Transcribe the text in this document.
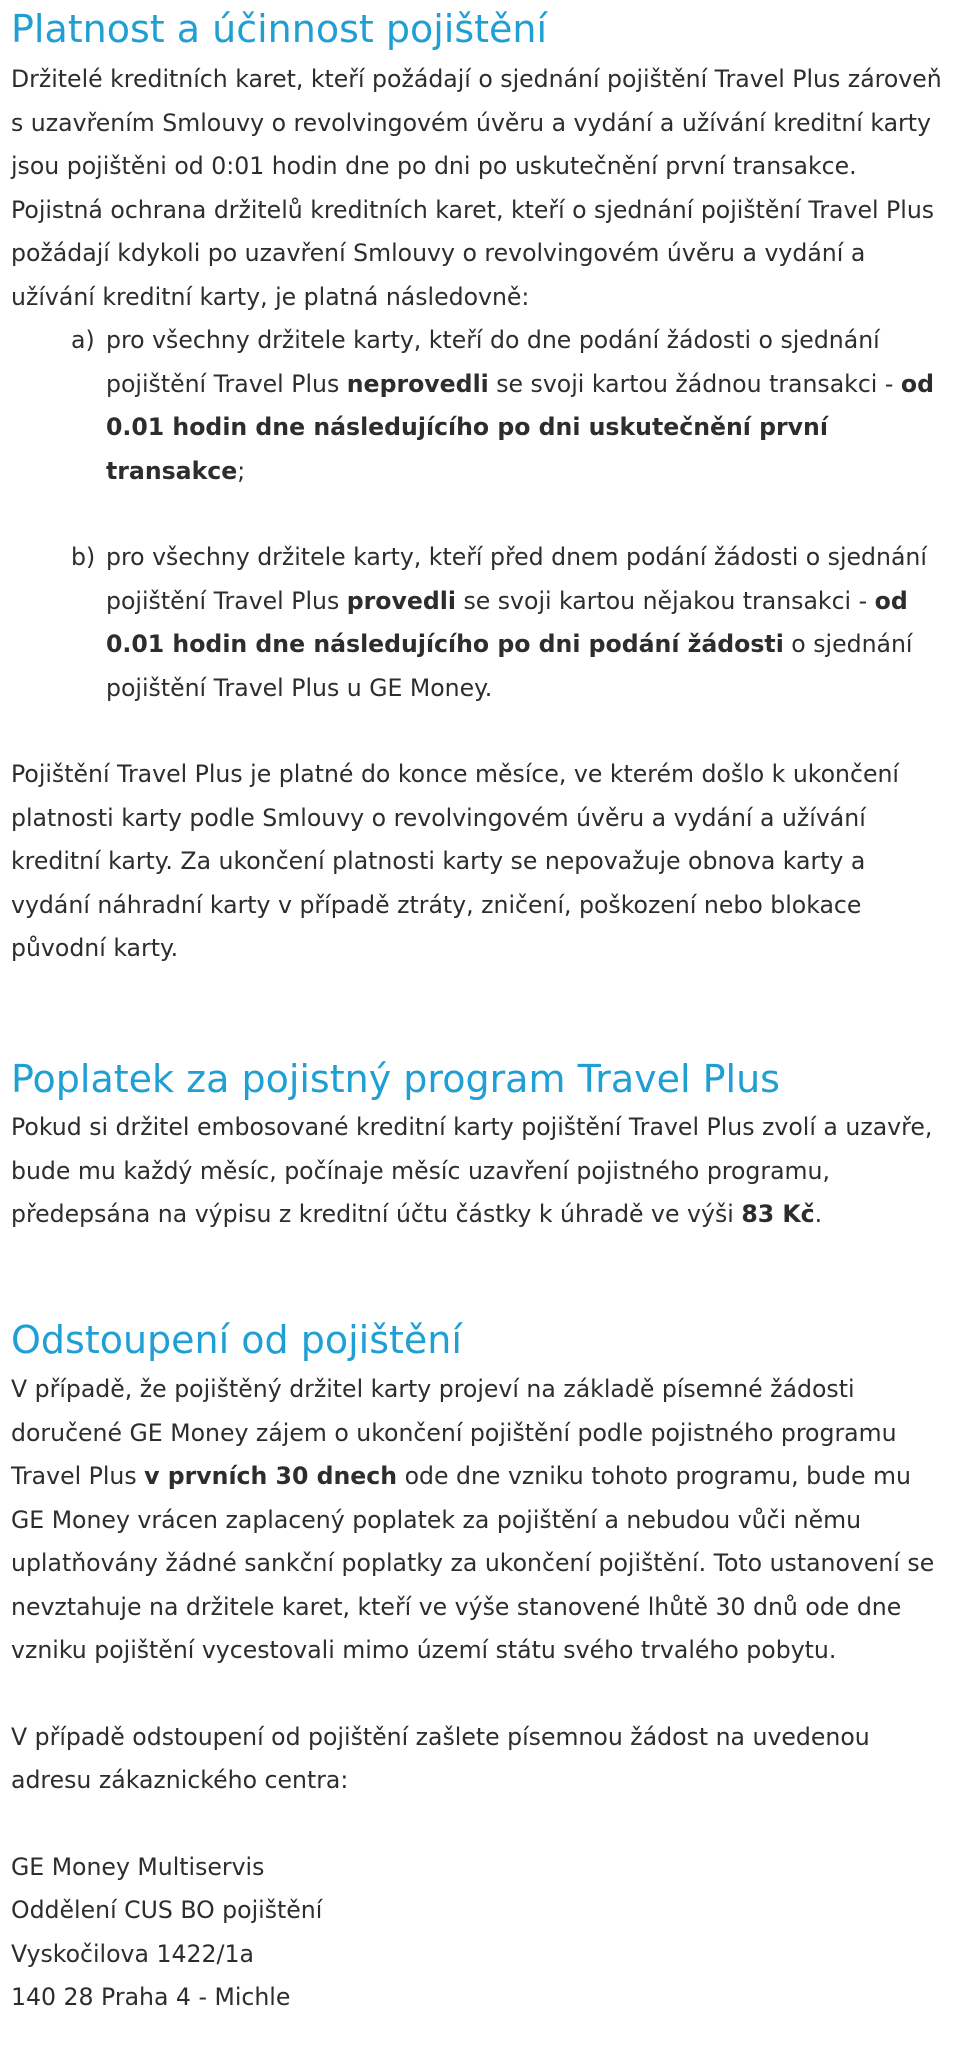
Platnost a účinnost pojištění

Držitelé kreditních karet, kteří požádají o sjednání pojištění Travel Plus zároveň s uzavřením Smlouvy o revolvingovém úvěru a vydání a užívání kreditní karty jsou pojištěni od 0:01 hodin dne po dni po uskutečnění první transakce.

Pojistná ochrana držitelů kreditních karet, kteří o sjednání pojištění Travel Plus požádají kdykoli po uzavření Smlouvy o revolvingovém úvěru a vydání a užívání kreditní karty, je platná následovně:

a) pro všechny držitele karty, kteří do dne podání žádosti o sjednání pojištění Travel Plus neprovedli se svoji kartou žádnou transakci - od 0.01 hodin dne následujícího po dni uskutečnění první transakce;
b) pro všechny držitele karty, kteří před dnem podání žádosti o sjednání pojištění Travel Plus provedli se svoji kartou nějakou transakci - od 0.01 hodin dne následujícího po dni podání žádosti o sjednání pojištění Travel Plus u GE Money.

Pojištění Travel Plus je platné do konce měsíce, ve kterém došlo k ukončení platnosti karty podle Smlouvy o revolvingovém úvěru a vydání a užívání kreditní karty. Za ukončení platnosti karty se nepovažuje obnova karty a vydání náhradní karty v případě ztráty, zničení, poškození nebo blokace původní karty.

Poplatek za pojistný program Travel Plus

Pokud si držitel embosované kreditní karty pojištění Travel Plus zvolí a uzavře, bude mu každý měsíc, počínaje měsíc uzavření pojistného programu, předepsána na výpisu z kreditní účtu částky k úhradě ve výši 83 Kč.

Odstoupení od pojištění

V případě, že pojištěný držitel karty projeví na základě písemné žádosti doručené GE Money zájem o ukončení pojištění podle pojistného programu Travel Plus v prvních 30 dnech ode dne vzniku tohoto programu, bude mu GE Money vrácen zaplacený poplatek za pojištění a nebudou vůči němu uplatňovány žádné sankční poplatky za ukončení pojištění. Toto ustanovení se nevztahuje na držitele karet, kteří ve výše stanovené lhůtě 30 dnů ode dne vzniku pojištění vycestovali mimo území státu svého trvalého pobytu.

V případě odstoupení od pojištění zašlete písemnou žádost na uvedenou adresu zákaznického centra:

GE Money Multiservis

Oddělení CUS BO pojištění

Vyskočilova 1422/1a

140 28 Praha 4 - Michle
